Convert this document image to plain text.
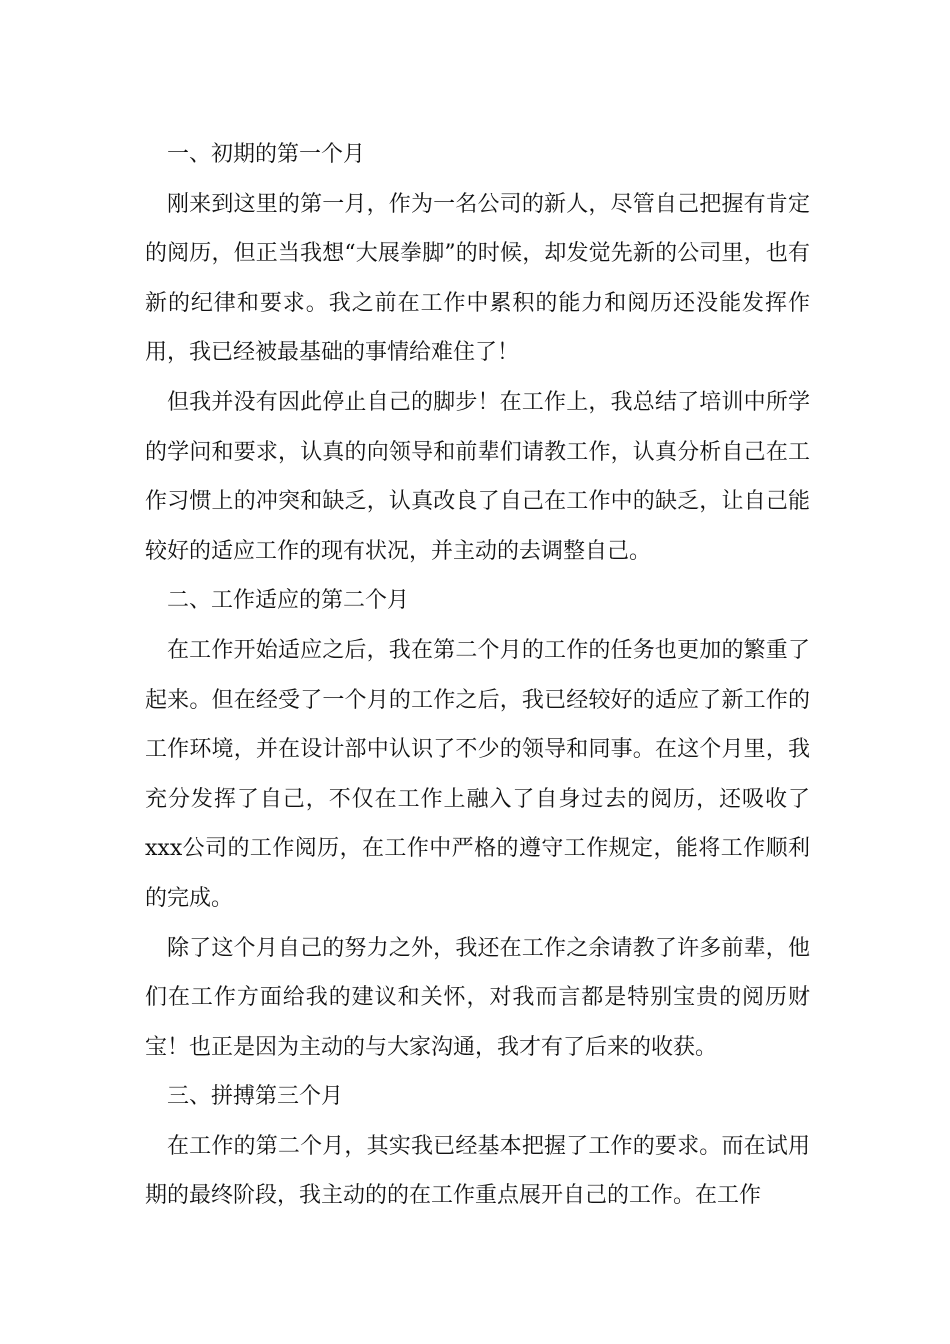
一、初期的第一个月

刚来到这里的第一月，作为一名公司的新人，尽管自己把握有肯定的阅历，但正当我想“大展拳脚”的时候，却发觉先新的公司里，也有新的纪律和要求。我之前在工作中累积的能力和阅历还没能发挥作用，我已经被最基础的事情给难住了！

但我并没有因此停止自己的脚步！在工作上，我总结了培训中所学的学问和要求，认真的向领导和前辈们请教工作，认真分析自己在工作习惯上的冲突和缺乏，认真改良了自己在工作中的缺乏，让自己能较好的适应工作的现有状况，并主动的去调整自己。

二、工作适应的第二个月

在工作开始适应之后，我在第二个月的工作的任务也更加的繁重了起来。但在经受了一个月的工作之后，我已经较好的适应了新工作的工作环境，并在设计部中认识了不少的领导和同事。在这个月里，我充分发挥了自己，不仅在工作上融入了自身过去的阅历，还吸收了xxx公司的工作阅历，在工作中严格的遵守工作规定，能将工作顺利的完成。

除了这个月自己的努力之外，我还在工作之余请教了许多前辈，他们在工作方面给我的建议和关怀，对我而言都是特别宝贵的阅历财宝！也正是因为主动的与大家沟通，我才有了后来的收获。

三、拼搏第三个月

在工作的第二个月，其实我已经基本把握了工作的要求。而在试用期的最终阶段，我主动的的在工作重点展开自己的工作。在工作
